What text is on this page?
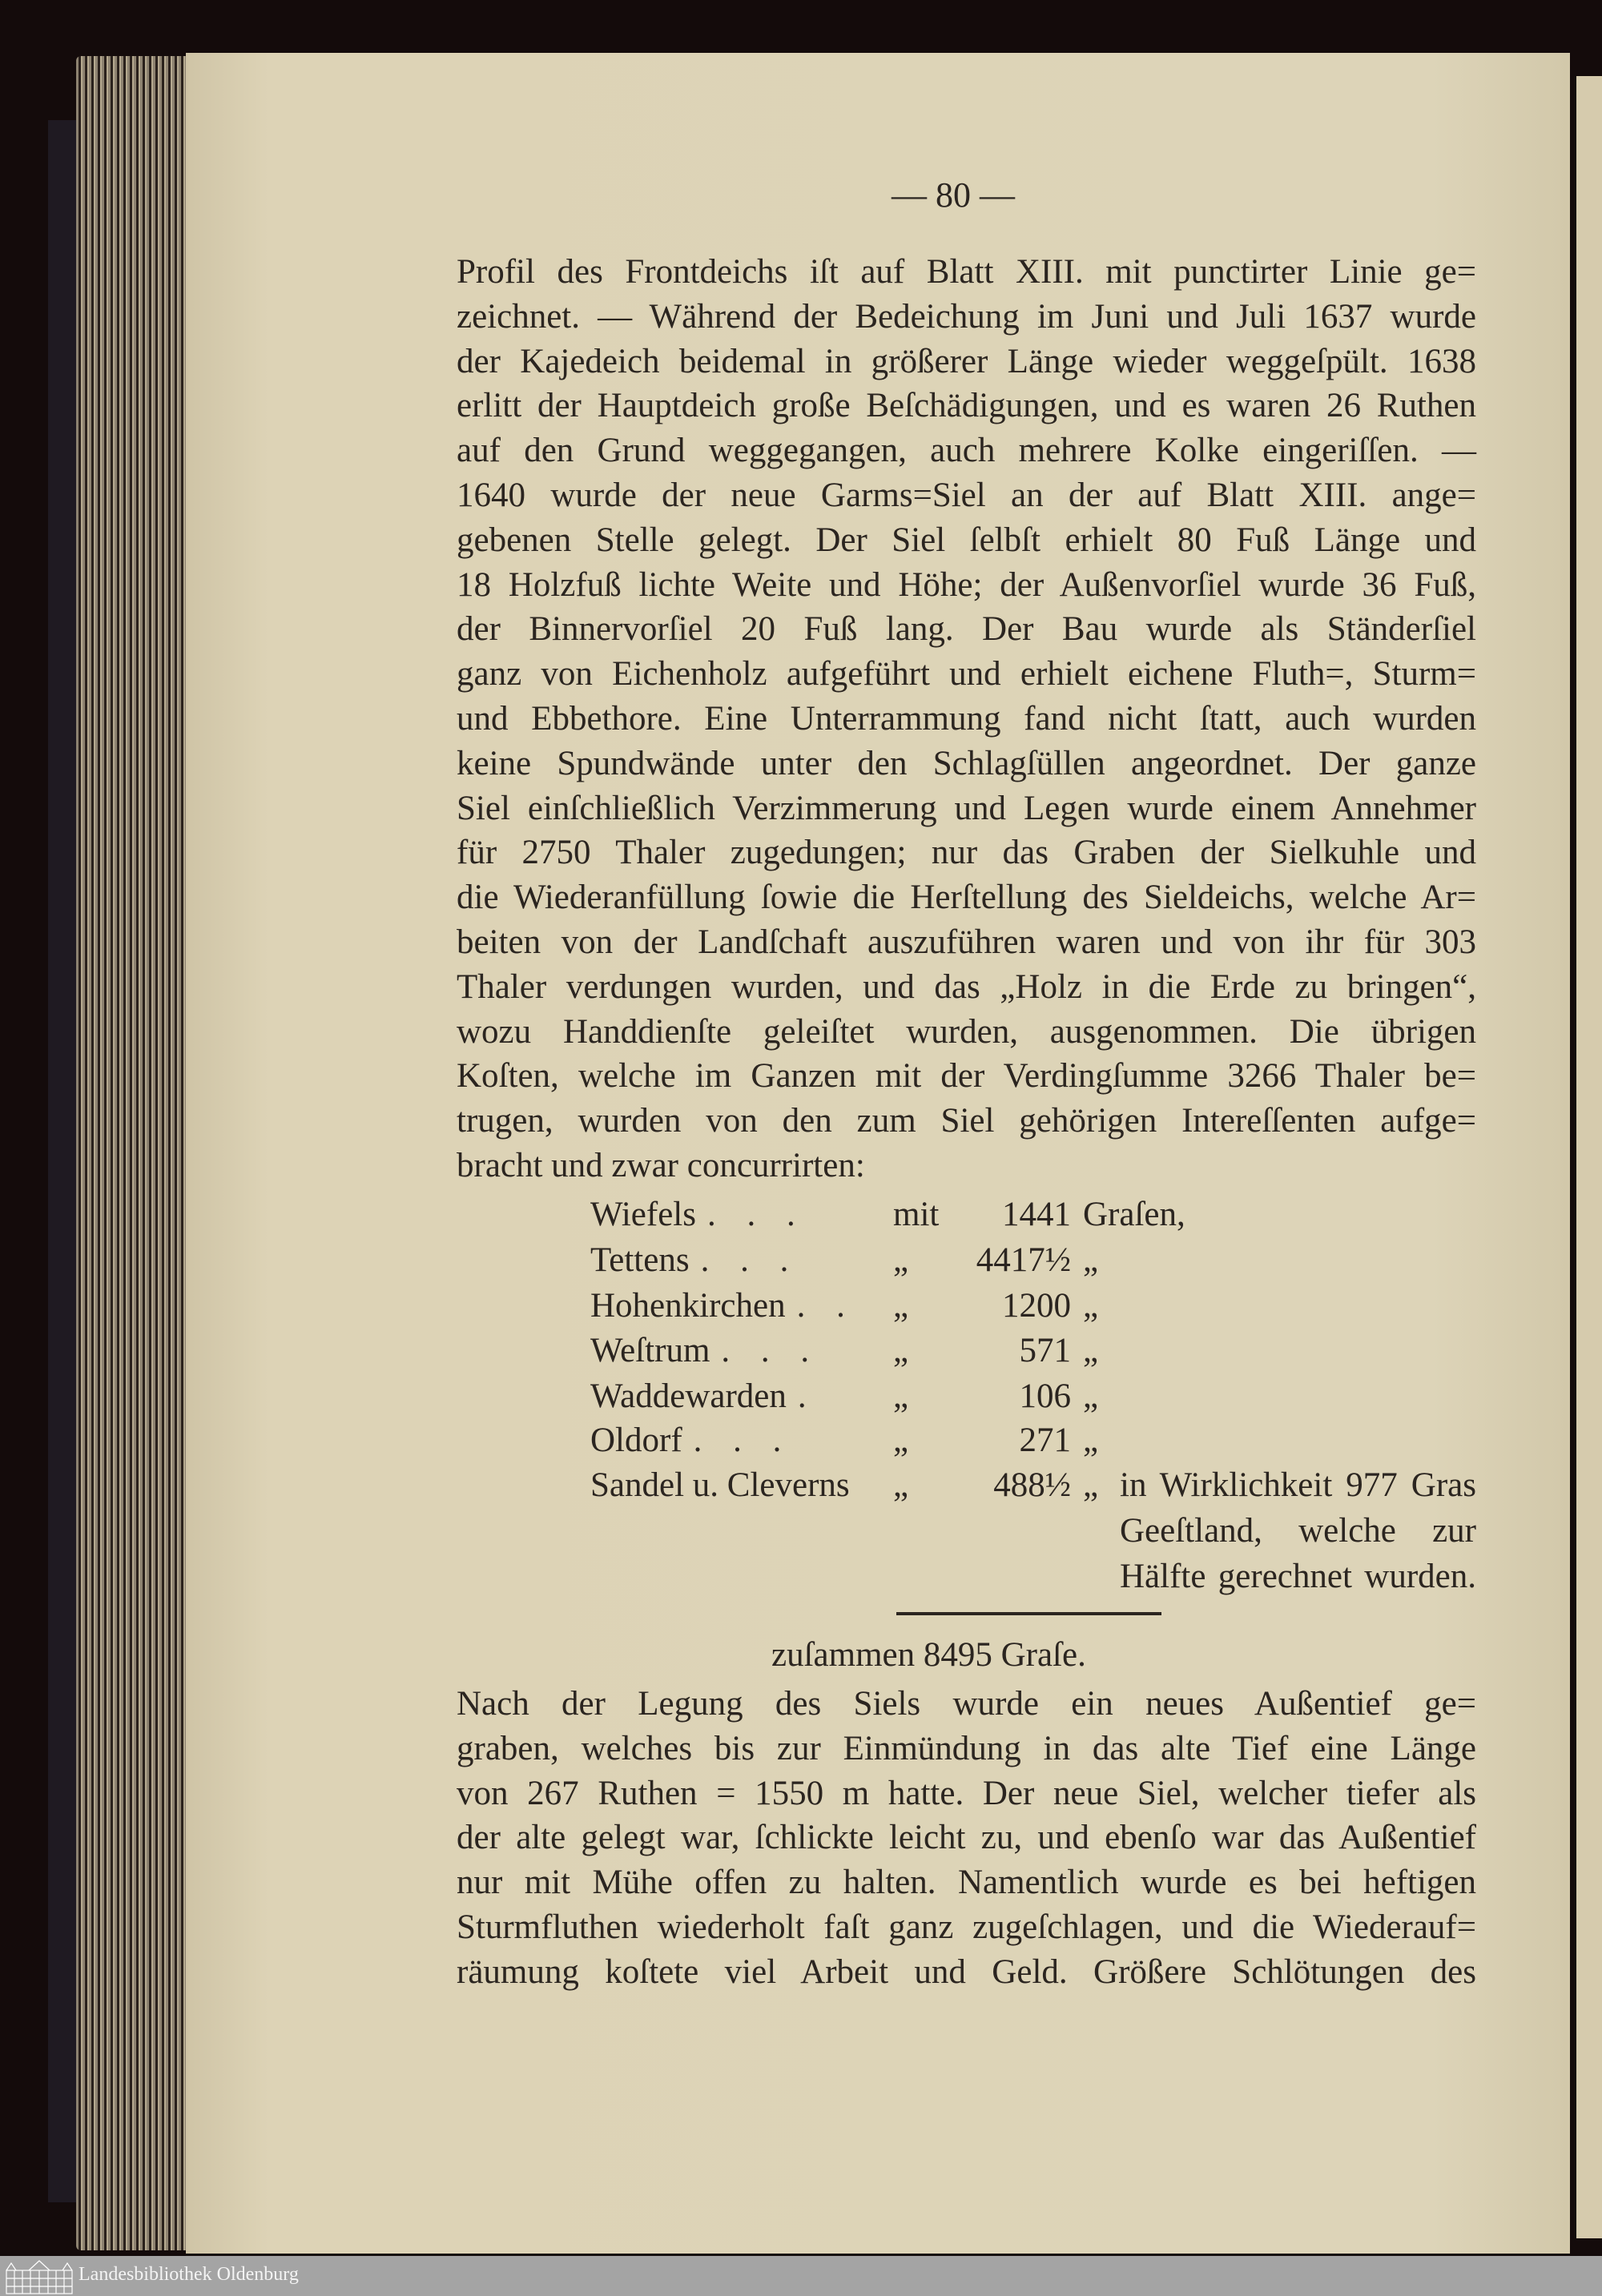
— 80 —
Profil des Frontdeichs iſt auf Blatt XIII. mit punctirter Linie ge=
zeichnet. — Während der Bedeichung im Juni und Juli 1637 wurde
der Kajedeich beidemal in größerer Länge wieder weggeſpült. 1638
erlitt der Hauptdeich große Beſchädigungen, und es waren 26 Ruthen
auf den Grund weggegangen, auch mehrere Kolke eingeriſſen. —
1640 wurde der neue Garms=Siel an der auf Blatt XIII. ange=
gebenen Stelle gelegt. Der Siel ſelbſt erhielt 80 Fuß Länge und
18 Holzfuß lichte Weite und Höhe; der Außenvorſiel wurde 36 Fuß,
der Binnervorſiel 20 Fuß lang. Der Bau wurde als Ständerſiel
ganz von Eichenholz aufgeführt und erhielt eichene Fluth=, Sturm=
und Ebbethore. Eine Unterrammung fand nicht ſtatt, auch wurden
keine Spundwände unter den Schlagſüllen angeordnet. Der ganze
Siel einſchließlich Verzimmerung und Legen wurde einem Annehmer
für 2750 Thaler zugedungen; nur das Graben der Sielkuhle und
die Wiederanfüllung ſowie die Herſtellung des Sieldeichs, welche Ar=
beiten von der Landſchaft auszuführen waren und von ihr für 303
Thaler verdungen wurden, und das „Holz in die Erde zu bringen“,
wozu Handdienſte geleiſtet wurden, ausgenommen. Die übrigen
Koſten, welche im Ganzen mit der Verdingſumme 3266 Thaler be=
trugen, wurden von den zum Siel gehörigen Intereſſenten aufge=
bracht und zwar concurrirten:
Wiefels . . .	mit	1441 Graſen,
Tettens . . .	„	4417½ „
Hohenkirchen . . „	1200 „
Weſtrum . . . „	571 „
Waddewarden . „	106 „
Oldorf . . .	„	271 „
Sandel u. Cleverns	„	488½ „ in Wirklichkeit 977 Gras
Geeſtland, welche zur
Hälfte gerechnet wurden.
zuſammen 8495 Graſe.
Nach der Legung des Siels wurde ein neues Außentief ge=
graben, welches bis zur Einmündung in das alte Tief eine Länge
von 267 Ruthen = 1550 m hatte. Der neue Siel, welcher tiefer als
der alte gelegt war, ſchlickte leicht zu, und ebenſo war das Außentief
nur mit Mühe offen zu halten. Namentlich wurde es bei heftigen
Sturmfluthen wiederholt faſt ganz zugeſchlagen, und die Wiederauf=
räumung koſtete viel Arbeit und Geld. Größere Schlötungen des
Landesbibliothek Oldenburg
